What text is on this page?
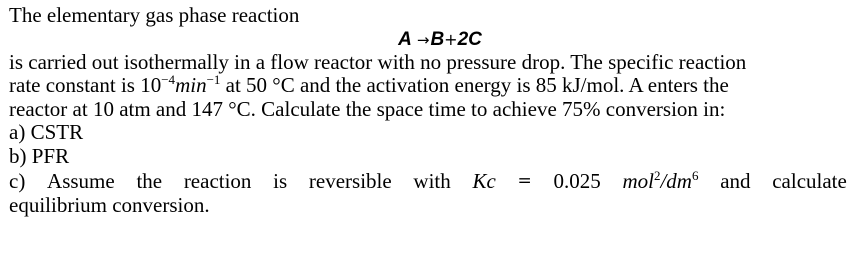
The elementary gas phase reaction
A →B+2C
is carried out isothermally in a flow reactor with no pressure drop. The specific reaction
rate constant is $10^{-4}\min^{-1}$ at 50 °C and the activation energy is 85 kJ/mol. A enters the
reactor at 10 atm and 147 °C. Calculate the space time to achieve 75% conversion in:
a) CSTR
b) PFR
c) Assume the reaction is reversible with Kc = 0.025 $mol^2/dm^6$ and calculate
equilibrium conversion.
